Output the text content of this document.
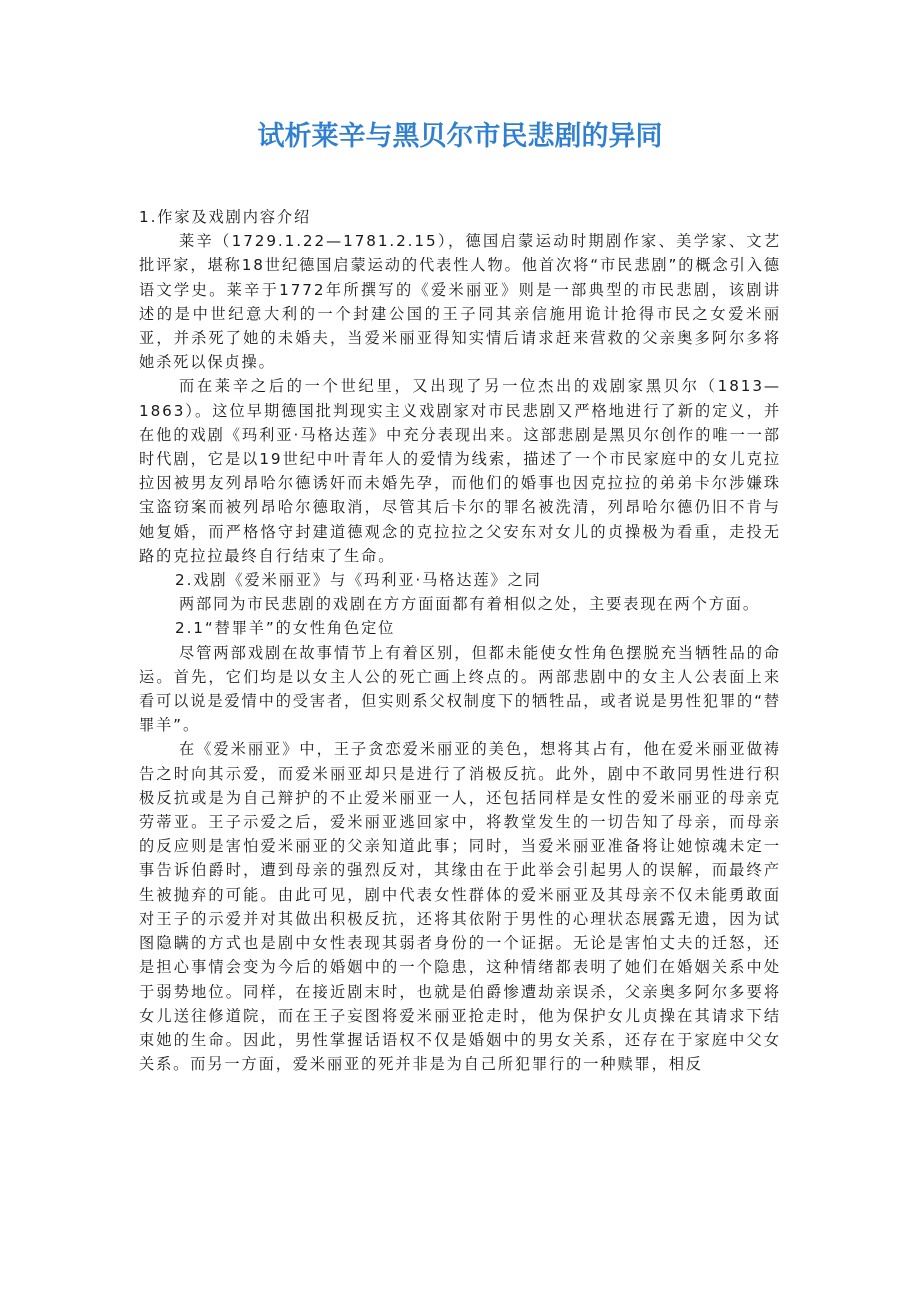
试析莱辛与黑贝尔市民悲剧的异同

1.作家及戏剧内容介绍

莱辛（1729.1.22—1781.2.15），德国启蒙运动时期剧作家、美学家、文艺批评家，堪称18世纪德国启蒙运动的代表性人物。他首次将“市民悲剧”的概念引入德语文学史。莱辛于1772年所撰写的《爱米丽亚》则是一部典型的市民悲剧，该剧讲述的是中世纪意大利的一个封建公国的王子同其亲信施用诡计抢得市民之女爱米丽亚，并杀死了她的未婚夫，当爱米丽亚得知实情后请求赶来营救的父亲奥多阿尔多将她杀死以保贞操。

而在莱辛之后的一个世纪里，又出现了另一位杰出的戏剧家黑贝尔（1813—1863）。这位早期德国批判现实主义戏剧家对市民悲剧又严格地进行了新的定义，并在他的戏剧《玛利亚·马格达莲》中充分表现出来。这部悲剧是黑贝尔创作的唯一一部时代剧，它是以19世纪中叶青年人的爱情为线索，描述了一个市民家庭中的女儿克拉拉因被男友列昂哈尔德诱奸而未婚先孕，而他们的婚事也因克拉拉的弟弟卡尔涉嫌珠宝盗窃案而被列昂哈尔德取消，尽管其后卡尔的罪名被洗清，列昂哈尔德仍旧不肯与她复婚，而严格恪守封建道德观念的克拉拉之父安东对女儿的贞操极为看重，走投无路的克拉拉最终自行结束了生命。

2.戏剧《爱米丽亚》与《玛利亚·马格达莲》之同

两部同为市民悲剧的戏剧在方方面面都有着相似之处，主要表现在两个方面。

2.1“替罪羊”的女性角色定位

尽管两部戏剧在故事情节上有着区别，但都未能使女性角色摆脱充当牺牲品的命运。首先，它们均是以女主人公的死亡画上终点的。两部悲剧中的女主人公表面上来看可以说是爱情中的受害者，但实则系父权制度下的牺牲品，或者说是男性犯罪的“替罪羊”。

在《爱米丽亚》中，王子贪恋爱米丽亚的美色，想将其占有，他在爱米丽亚做祷告之时向其示爱，而爱米丽亚却只是进行了消极反抗。此外，剧中不敢同男性进行积极反抗或是为自己辩护的不止爱米丽亚一人，还包括同样是女性的爱米丽亚的母亲克劳蒂亚。王子示爱之后，爱米丽亚逃回家中，将教堂发生的一切告知了母亲，而母亲的反应则是害怕爱米丽亚的父亲知道此事；同时，当爱米丽亚准备将让她惊魂未定一事告诉伯爵时，遭到母亲的强烈反对，其缘由在于此举会引起男人的误解，而最终产生被抛弃的可能。由此可见，剧中代表女性群体的爱米丽亚及其母亲不仅未能勇敢面对王子的示爱并对其做出积极反抗，还将其依附于男性的心理状态展露无遗，因为试图隐瞒的方式也是剧中女性表现其弱者身份的一个证据。无论是害怕丈夫的迁怒，还是担心事情会变为今后的婚姻中的一个隐患，这种情绪都表明了她们在婚姻关系中处于弱势地位。同样，在接近剧末时，也就是伯爵惨遭劫亲误杀，父亲奥多阿尔多要将女儿送往修道院，而在王子妄图将爱米丽亚抢走时，他为保护女儿贞操在其请求下结束她的生命。因此，男性掌握话语权不仅是婚姻中的男女关系，还存在于家庭中父女关系。而另一方面，爱米丽亚的死并非是为自己所犯罪行的一种赎罪，相反
